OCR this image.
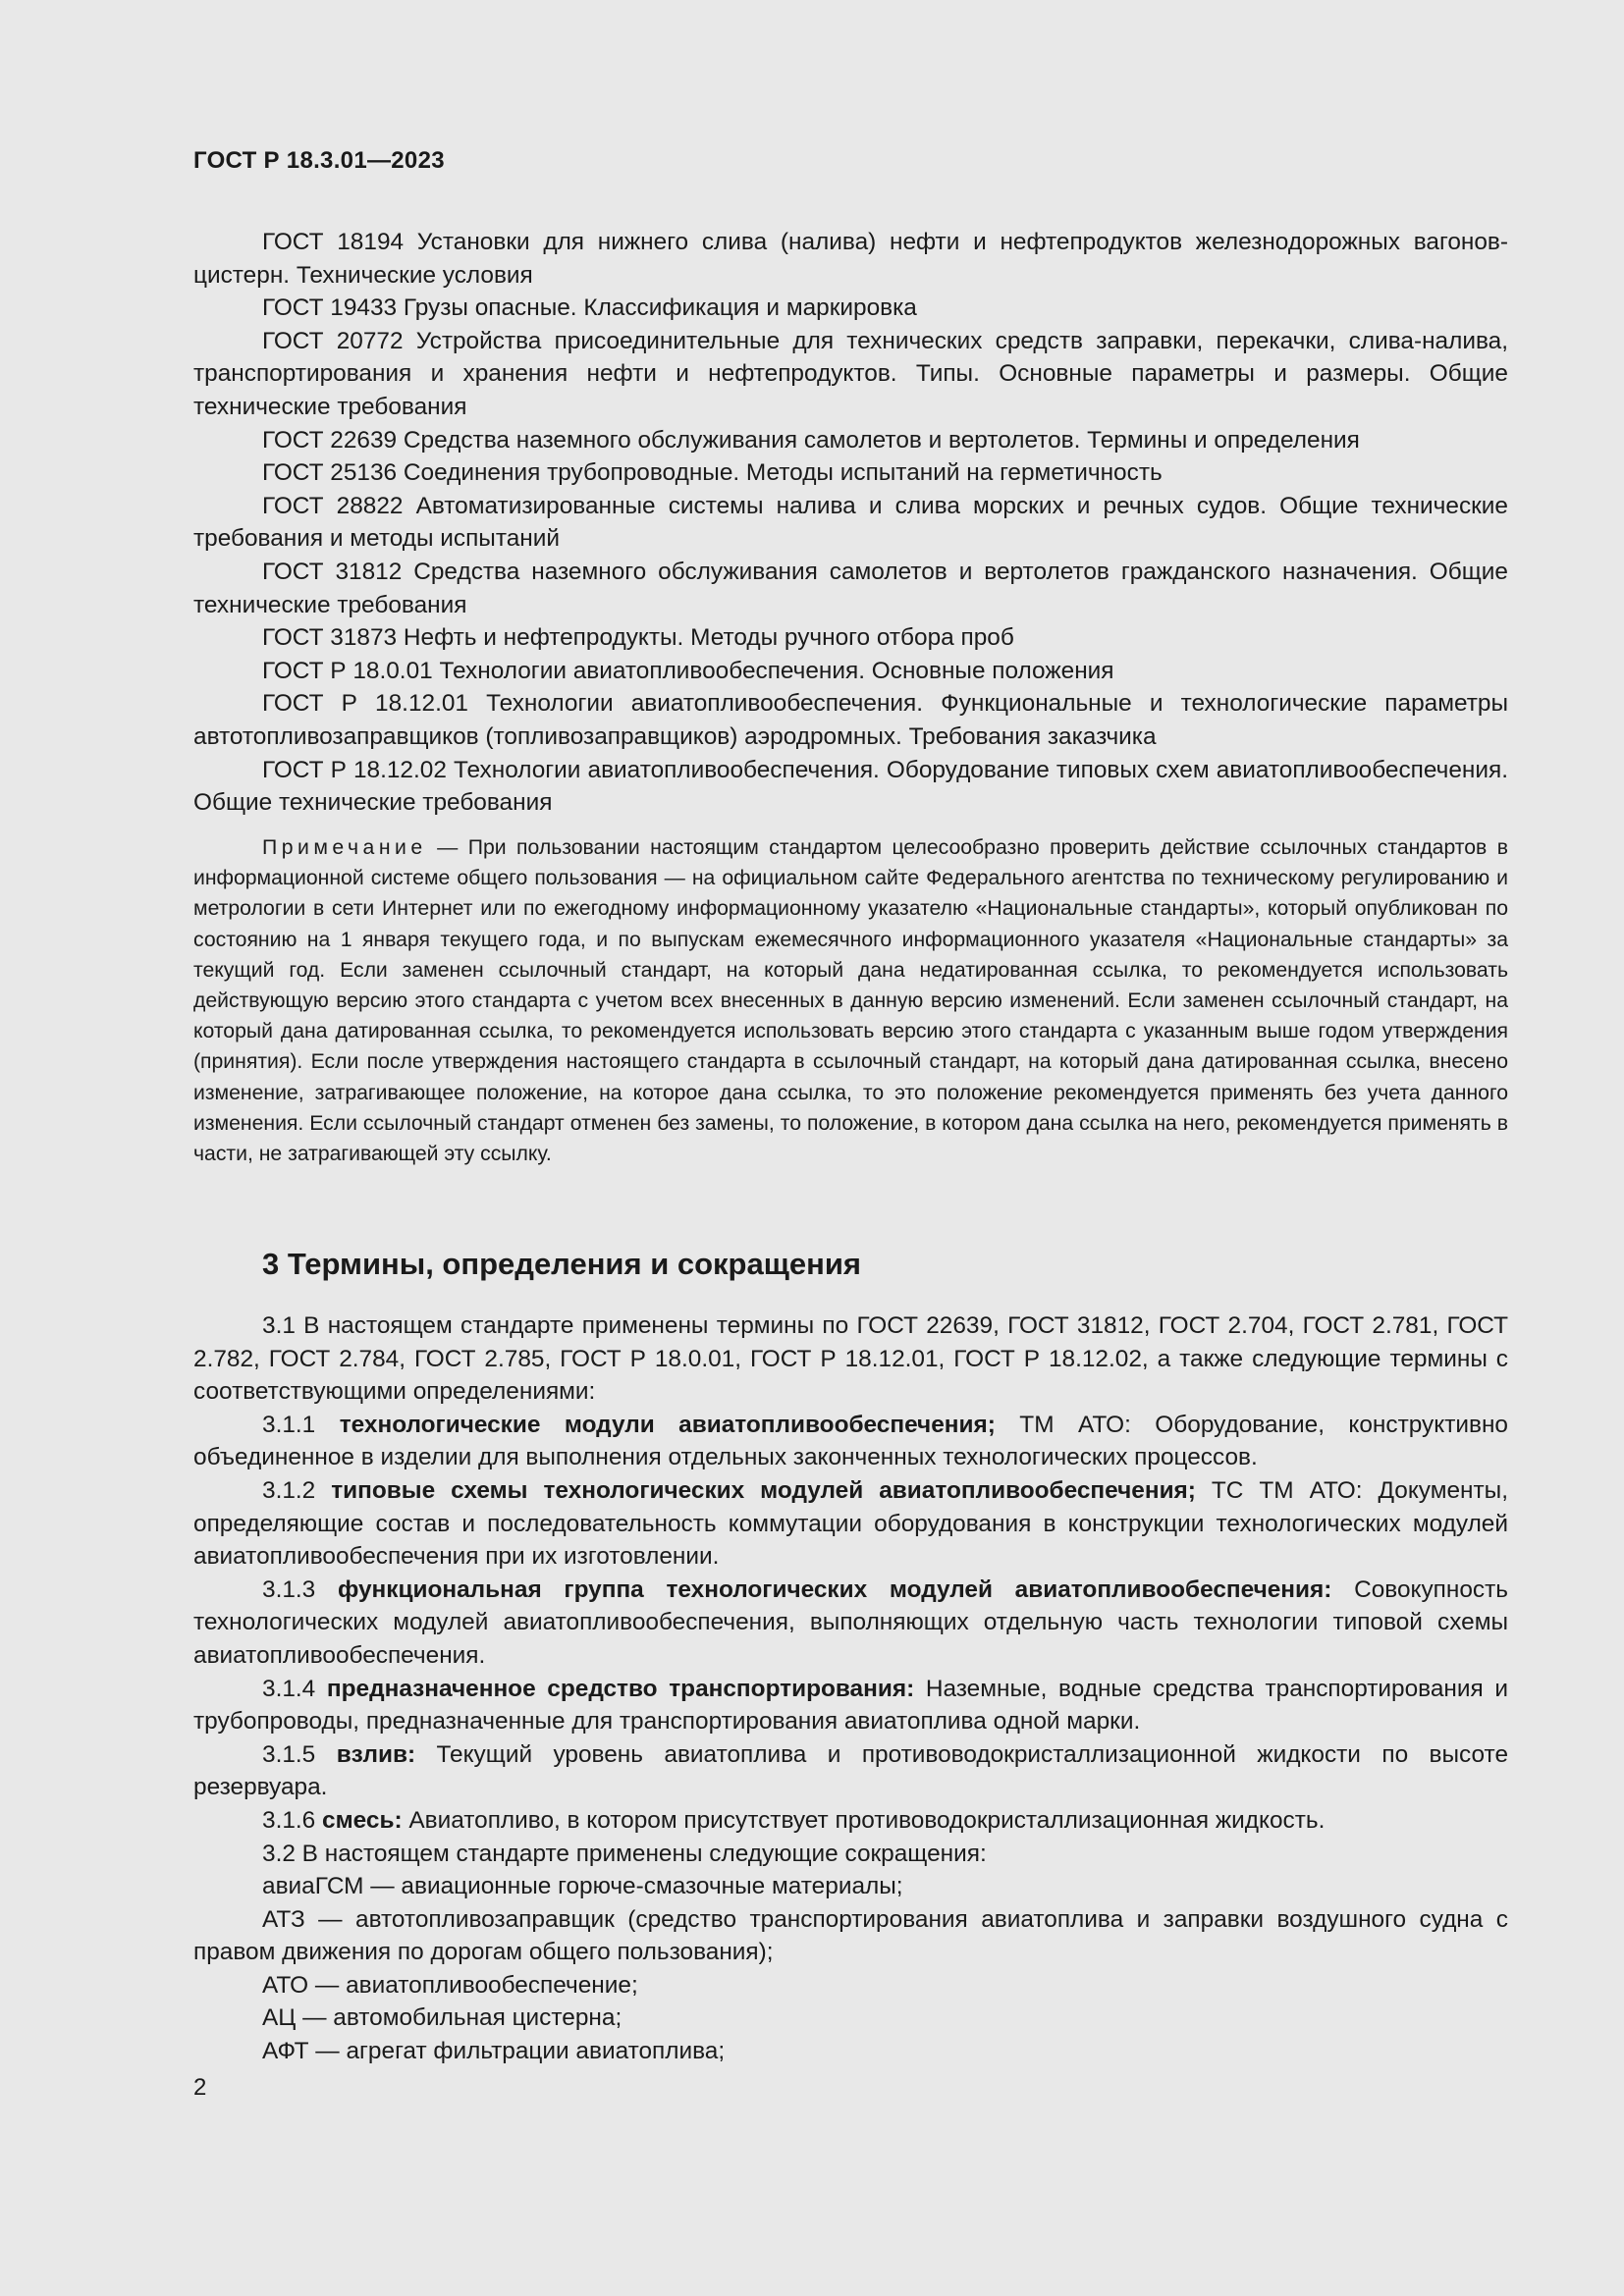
ГОСТ Р 18.3.01—2023

ГОСТ 18194 Установки для нижнего слива (налива) нефти и нефтепродуктов железнодорожных вагонов-цистерн. Технические условия

ГОСТ 19433 Грузы опасные. Классификация и маркировка

ГОСТ 20772 Устройства присоединительные для технических средств заправки, перекачки, слива-налива, транспортирования и хранения нефти и нефтепродуктов. Типы. Основные параметры и размеры. Общие технические требования

ГОСТ 22639 Средства наземного обслуживания самолетов и вертолетов. Термины и определения

ГОСТ 25136 Соединения трубопроводные. Методы испытаний на герметичность

ГОСТ 28822 Автоматизированные системы налива и слива морских и речных судов. Общие технические требования и методы испытаний

ГОСТ 31812 Средства наземного обслуживания самолетов и вертолетов гражданского назначения. Общие технические требования

ГОСТ 31873 Нефть и нефтепродукты. Методы ручного отбора проб

ГОСТ Р 18.0.01 Технологии авиатопливообеспечения. Основные положения

ГОСТ Р 18.12.01 Технологии авиатопливообеспечения. Функциональные и технологические параметры автотопливозаправщиков (топливозаправщиков) аэродромных. Требования заказчика

ГОСТ Р 18.12.02 Технологии авиатопливообеспечения. Оборудование типовых схем авиатопливообеспечения. Общие технические требования

Примечание — При пользовании настоящим стандартом целесообразно проверить действие ссылочных стандартов в информационной системе общего пользования — на официальном сайте Федерального агентства по техническому регулированию и метрологии в сети Интернет или по ежегодному информационному указателю «Национальные стандарты», который опубликован по состоянию на 1 января текущего года, и по выпускам ежемесячного информационного указателя «Национальные стандарты» за текущий год. Если заменен ссылочный стандарт, на который дана недатированная ссылка, то рекомендуется использовать действующую версию этого стандарта с учетом всех внесенных в данную версию изменений. Если заменен ссылочный стандарт, на который дана датированная ссылка, то рекомендуется использовать версию этого стандарта с указанным выше годом утверждения (принятия). Если после утверждения настоящего стандарта в ссылочный стандарт, на который дана датированная ссылка, внесено изменение, затрагивающее положение, на которое дана ссылка, то это положение рекомендуется применять без учета данного изменения. Если ссылочный стандарт отменен без замены, то положение, в котором дана ссылка на него, рекомендуется применять в части, не затрагивающей эту ссылку.

3 Термины, определения и сокращения

3.1 В настоящем стандарте применены термины по ГОСТ 22639, ГОСТ 31812, ГОСТ 2.704, ГОСТ 2.781, ГОСТ 2.782, ГОСТ 2.784, ГОСТ 2.785, ГОСТ Р 18.0.01, ГОСТ Р 18.12.01, ГОСТ Р 18.12.02, а также следующие термины с соответствующими определениями:

3.1.1 технологические модули авиатопливообеспечения; ТМ АТО: Оборудование, конструктивно объединенное в изделии для выполнения отдельных законченных технологических процессов.

3.1.2 типовые схемы технологических модулей авиатопливообеспечения; ТС ТМ АТО: Документы, определяющие состав и последовательность коммутации оборудования в конструкции технологических модулей авиатопливообеспечения при их изготовлении.

3.1.3 функциональная группа технологических модулей авиатопливообеспечения: Совокупность технологических модулей авиатопливообеспечения, выполняющих отдельную часть технологии типовой схемы авиатопливообеспечения.

3.1.4 предназначенное средство транспортирования: Наземные, водные средства транспортирования и трубопроводы, предназначенные для транспортирования авиатоплива одной марки.

3.1.5 взлив: Текущий уровень авиатоплива и противоводокристаллизационной жидкости по высоте резервуара.

3.1.6 смесь: Авиатопливо, в котором присутствует противоводокристаллизационная жидкость.

3.2 В настоящем стандарте применены следующие сокращения:

авиаГСМ — авиационные горюче-смазочные материалы;

АТЗ — автотопливозаправщик (средство транспортирования авиатоплива и заправки воздушного судна с правом движения по дорогам общего пользования);

АТО — авиатопливообеспечение;

АЦ — автомобильная цистерна;

АФТ — агрегат фильтрации авиатоплива;

2
